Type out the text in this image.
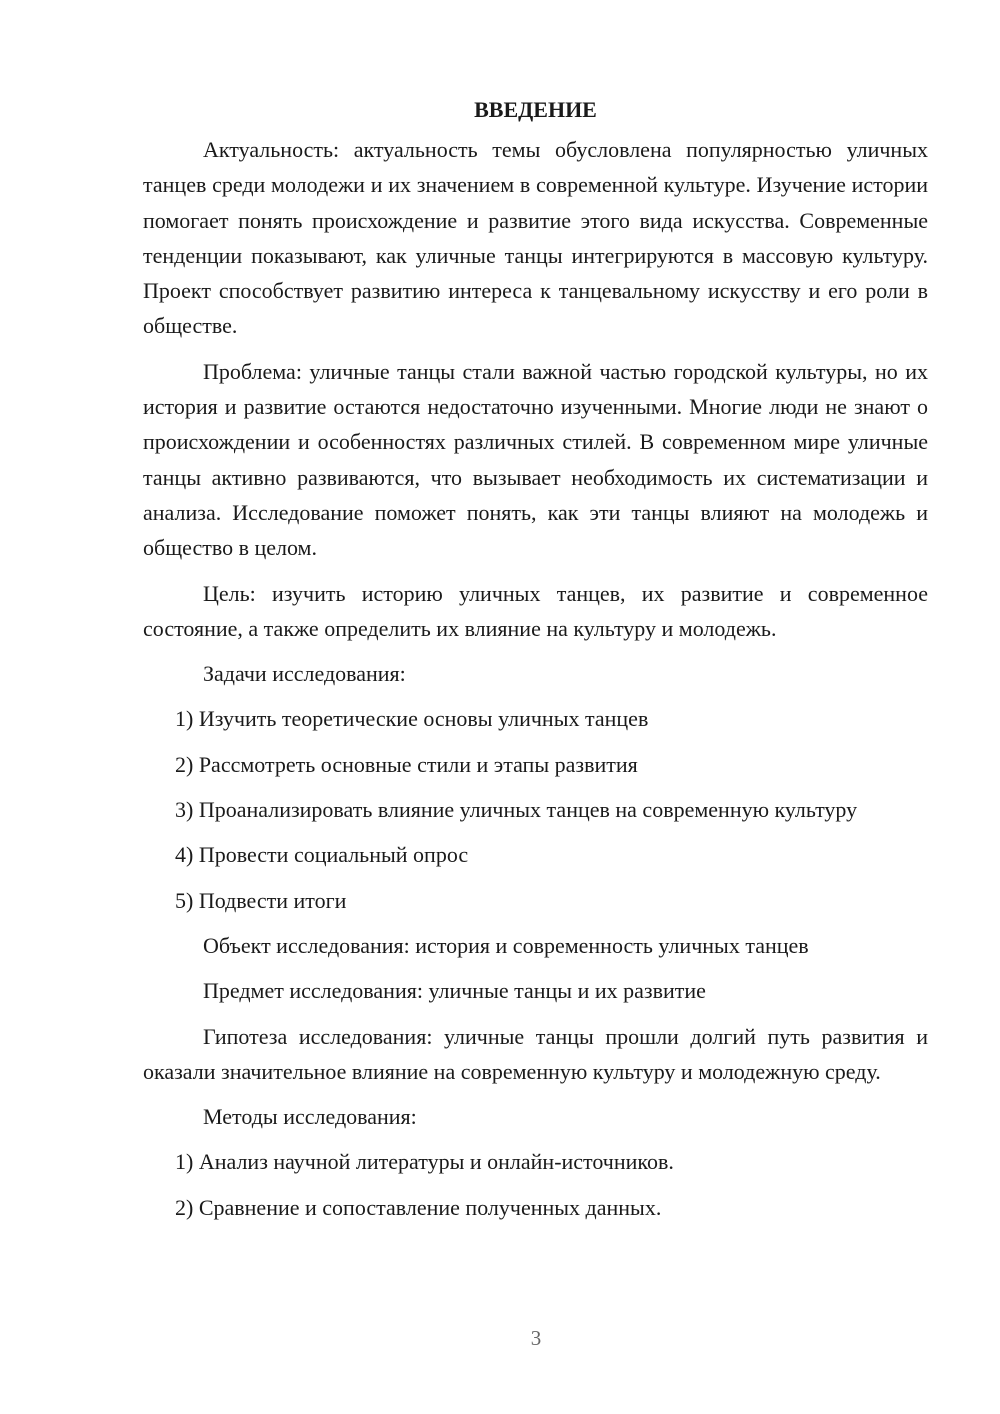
ВВЕДЕНИЕ

Актуальность: актуальность темы обусловлена популярностью уличных танцев среди молодежи и их значением в современной культуре. Изучение истории помогает понять происхождение и развитие этого вида искусства. Современные тенденции показывают, как уличные танцы интегрируются в массовую культуру. Проект способствует развитию интереса к танцевальному искусству и его роли в обществе.

Проблема: уличные танцы стали важной частью городской культуры, но их история и развитие остаются недостаточно изученными. Многие люди не знают о происхождении и особенностях различных стилей. В современном мире уличные танцы активно развиваются, что вызывает необходимость их систематизации и анализа. Исследование поможет понять, как эти танцы влияют на молодежь и общество в целом.

Цель: изучить историю уличных танцев, их развитие и современное состояние, а также определить их влияние на культуру и молодежь.

Задачи исследования:

1) Изучить теоретические основы уличных танцев

2) Рассмотреть основные стили и этапы развития

3) Проанализировать влияние уличных танцев на современную культуру

4) Провести социальный опрос

5) Подвести итоги

Объект исследования: история и современность уличных танцев

Предмет исследования: уличные танцы и их развитие

Гипотеза исследования: уличные танцы прошли долгий путь развития и оказали значительное влияние на современную культуру и молодежную среду.

Методы исследования:

1) Анализ научной литературы и онлайн-источников.

2) Сравнение и сопоставление полученных данных.

3
